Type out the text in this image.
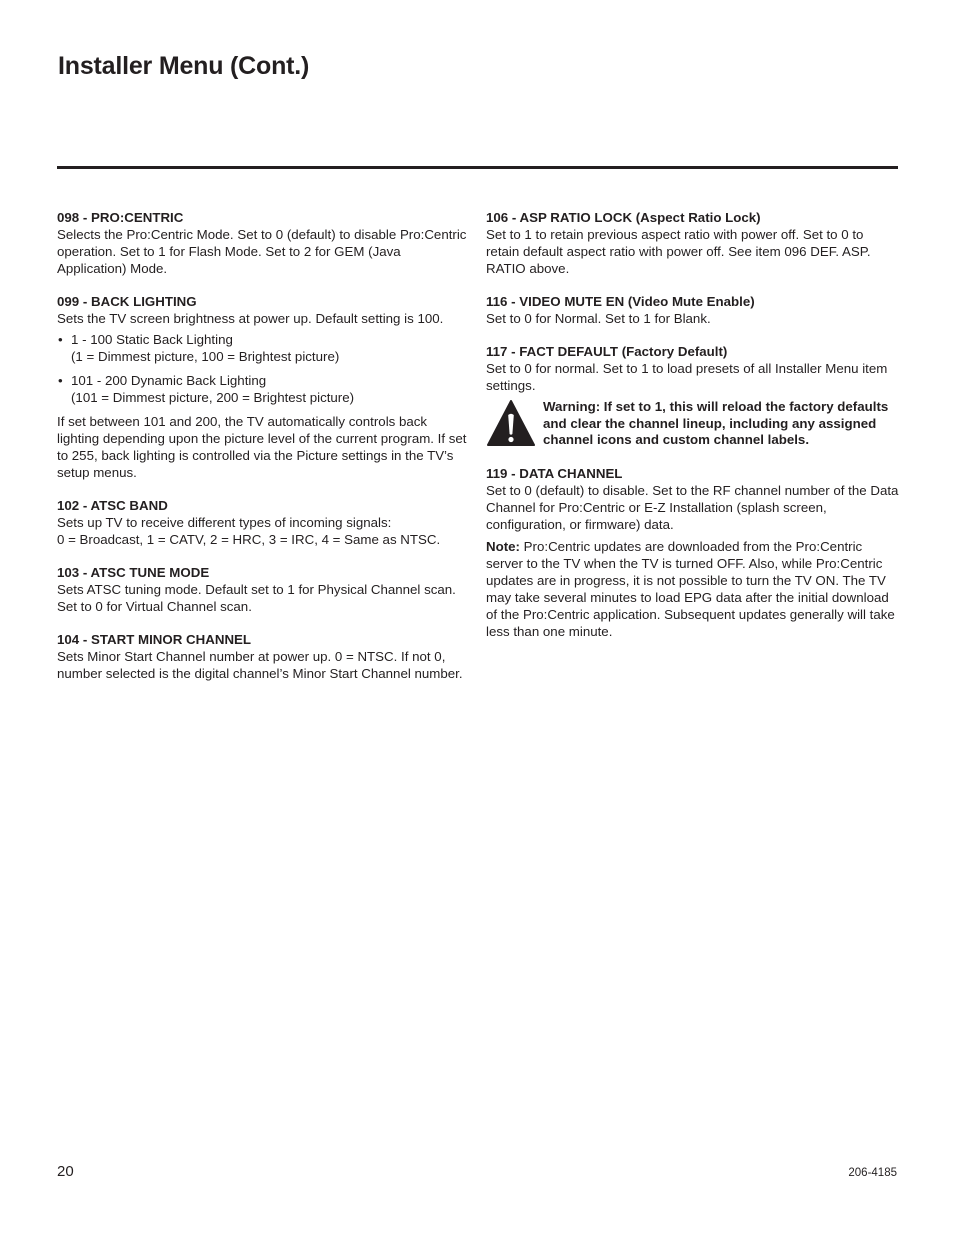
Installer Menu (Cont.)
098 - PRO:CENTRIC
Selects the Pro:Centric Mode. Set to 0 (default) to disable Pro:Centric operation. Set to 1 for Flash Mode. Set to 2 for GEM (Java Application) Mode.
099 - BACK LIGHTING
Sets the TV screen brightness at power up. Default setting is 100.
• 1 - 100 Static Back Lighting
(1 = Dimmest picture, 100 = Brightest picture)
• 101 - 200 Dynamic Back Lighting
(101 = Dimmest picture, 200 = Brightest picture)
If set between 101 and 200, the TV automatically controls back lighting depending upon the picture level of the current program. If set to 255, back lighting is controlled via the Picture settings in the TV’s setup menus.
102 - ATSC BAND
Sets up TV to receive different types of incoming signals:
0 = Broadcast, 1 = CATV, 2 = HRC, 3 = IRC, 4 = Same as NTSC.
103 - ATSC TUNE MODE
Sets ATSC tuning mode. Default set to 1 for Physical Channel scan. Set to 0 for Virtual Channel scan.
104 - START MINOR CHANNEL
Sets Minor Start Channel number at power up. 0 = NTSC. If not 0, number selected is the digital channel’s Minor Start Channel number.
106 - ASP RATIO LOCK (Aspect Ratio Lock)
Set to 1 to retain previous aspect ratio with power off. Set to 0 to retain default aspect ratio with power off. See item 096 DEF. ASP. RATIO above.
116 - VIDEO MUTE EN (Video Mute Enable)
Set to 0 for Normal. Set to 1 for Blank.
117 - FACT DEFAULT (Factory Default)
Set to 0 for normal. Set to 1 to load presets of all Installer Menu item settings.
Warning: If set to 1, this will reload the factory defaults and clear the channel lineup, including any assigned channel icons and custom channel labels.
119 - DATA CHANNEL
Set to 0 (default) to disable. Set to the RF channel number of the Data Channel for Pro:Centric or E-Z Installation (splash screen, configuration, or firmware) data.
Note: Pro:Centric updates are downloaded from the Pro:Centric server to the TV when the TV is turned OFF. Also, while Pro:Centric updates are in progress, it is not possible to turn the TV ON. The TV may take several minutes to load EPG data after the initial download of the Pro:Centric application. Subsequent updates generally will take less than one minute.
20	206-4185
